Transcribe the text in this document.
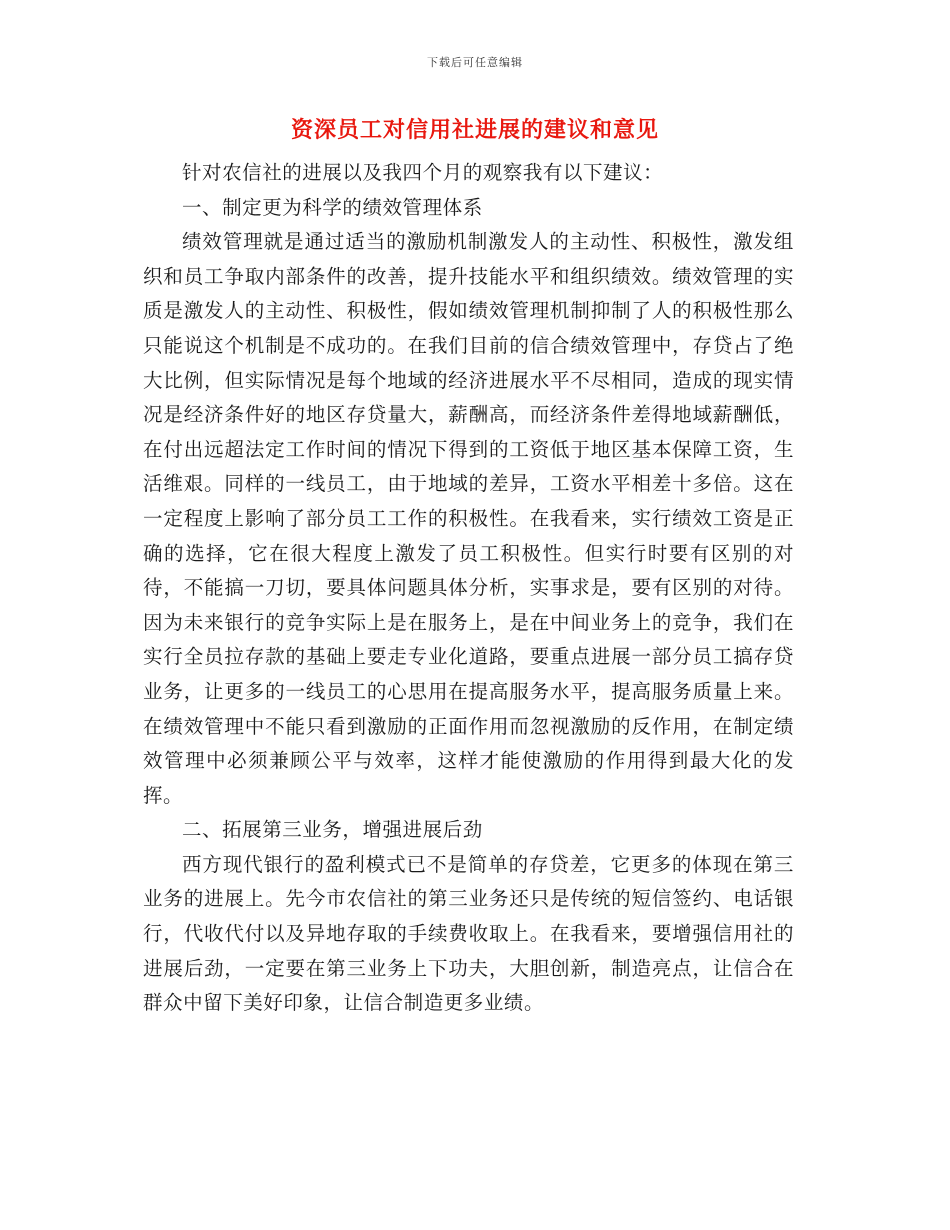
下载后可任意编辑
资深员工对信用社进展的建议和意见

针对农信社的进展以及我四个月的观察我有以下建议：

一、制定更为科学的绩效管理体系

绩效管理就是通过适当的激励机制激发人的主动性、积极性，激发组织和员工争取内部条件的改善，提升技能水平和组织绩效。绩效管理的实质是激发人的主动性、积极性，假如绩效管理机制抑制了人的积极性那么只能说这个机制是不成功的。在我们目前的信合绩效管理中，存贷占了绝大比例，但实际情况是每个地域的经济进展水平不尽相同，造成的现实情况是经济条件好的地区存贷量大，薪酬高，而经济条件差得地域薪酬低，在付出远超法定工作时间的情况下得到的工资低于地区基本保障工资，生活维艰。同样的一线员工，由于地域的差异，工资水平相差十多倍。这在一定程度上影响了部分员工工作的积极性。在我看来，实行绩效工资是正确的选择，它在很大程度上激发了员工积极性。但实行时要有区别的对待，不能搞一刀切，要具体问题具体分析，实事求是，要有区别的对待。因为未来银行的竞争实际上是在服务上，是在中间业务上的竞争，我们在实行全员拉存款的基础上要走专业化道路，要重点进展一部分员工搞存贷业务，让更多的一线员工的心思用在提高服务水平，提高服务质量上来。在绩效管理中不能只看到激励的正面作用而忽视激励的反作用，在制定绩效管理中必须兼顾公平与效率，这样才能使激励的作用得到最大化的发挥。

二、拓展第三业务，增强进展后劲

西方现代银行的盈利模式已不是简单的存贷差，它更多的体现在第三业务的进展上。先今市农信社的第三业务还只是传统的短信签约、电话银行，代收代付以及异地存取的手续费收取上。在我看来，要增强信用社的进展后劲，一定要在第三业务上下功夫，大胆创新，制造亮点，让信合在群众中留下美好印象，让信合制造更多业绩。
